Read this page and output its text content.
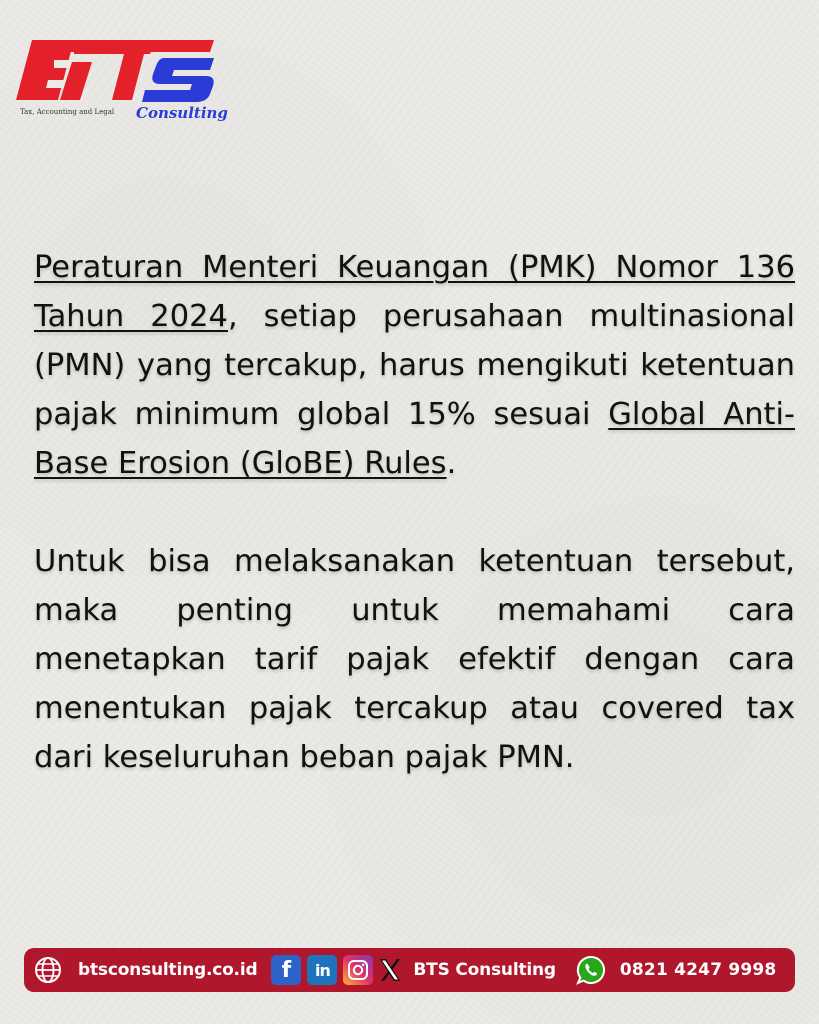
Tax, Accounting and Legal Consulting

Peraturan Menteri Keuangan (PMK) Nomor 136 Tahun 2024, setiap perusahaan multinasional (PMN) yang tercakup, harus mengikuti ketentuan pajak minimum global 15% sesuai Global Anti-Base Erosion (GloBE) Rules.

Untuk bisa melaksanakan ketentuan tersebut, maka penting untuk memahami cara menetapkan tarif pajak efektif dengan cara menentukan pajak tercakup atau covered tax dari keseluruhan beban pajak PMN.

btsconsulting.co.id	f	in	BTS Consulting	0821 4247 9998
